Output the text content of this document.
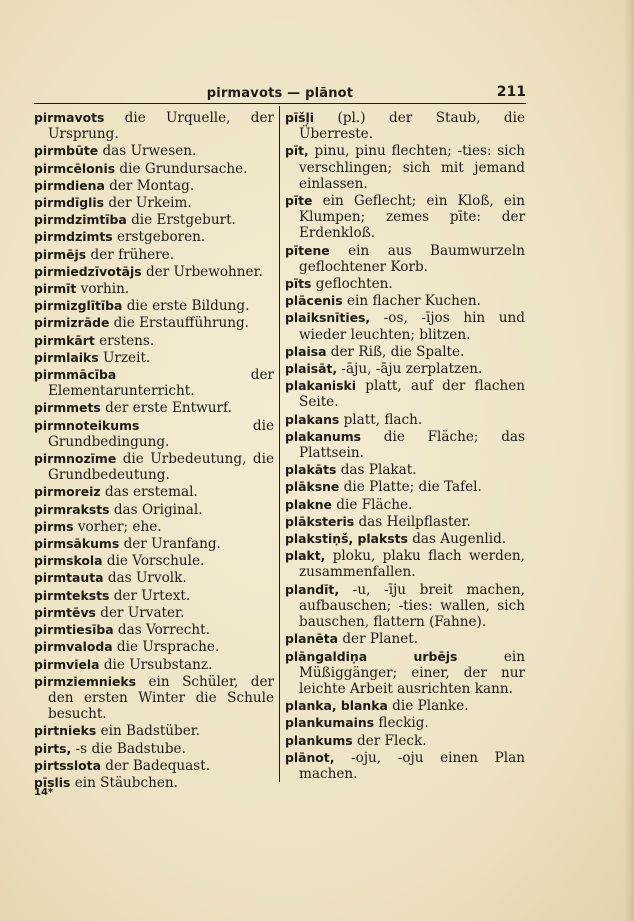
pirmavots — plānot	211

pirmavots die Urquelle, der Ursprung.

pirmbūte das Urwesen.

pirmcēlonis die Grundursache.

pirmdiena der Montag.

pirmdīglis der Urkeim.

pirmdzimtība die Erstgeburt.

pirmdzimts erstgeboren.

pirmējs der frühere.

pirmiedzīvotājs der Urbewohner.

pirmīt vorhin.

pirmizglītība die erste Bildung.

pirmizrāde die Erstaufführung.

pirmkārt erstens.

pirmlaiks Urzeit.

pirmmācība	der Elementarunterricht.

pirmmets der erste Entwurf.

pirmnoteikums	die Grundbedingung.

pirmnozīme die Urbedeutung, die Grundbedeutung.

pirmoreiz das erstemal.

pirmraksts das Original.

pirms vorher; ehe.

pirmsākums der Uranfang.

pirmskola die Vorschule.

pirmtauta das Urvolk.

pirmteksts der Urtext.

pirmtēvs der Urvater.

pirmtiesība das Vorrecht.

pirmvaloda die Ursprache.

pirmviela die Ursubstanz.

pirmziemnieks ein Schüler, der den ersten Winter die Schule besucht.

pirtnieks ein Badstüber.

pirts, -s die Badstube.

pirtsslota der Badequast.

pīslis ein Stäubchen.

pīšļi (pl.) der Staub, die Überreste.

pīt, pinu, pinu flechten; -ties: sich verschlingen; sich mit jemand einlassen.

pīte ein Geflecht; ein Kloß, ein Klumpen; zemes pīte: der Erdenkloß.

pītene ein aus Baumwurzeln geflochtener Korb.

pīts geflochten.

plācenis ein flacher Kuchen.

plaiksnīties, -os, -ījos hin und wieder leuchten; blitzen.

plaisa der Riß, die Spalte.

plaisāt, -āju, -āju zerplatzen.

plakaniski platt, auf der flachen Seite.

plakans platt, flach.

plakanums die Fläche; das Plattsein.

plakāts das Plakat.

plāksne die Platte; die Tafel.

plakne die Fläche.

plāksteris das Heilpflaster.

plakstiņš, plaksts das Augenlid.

plakt, ploku, plaku flach werden, zusammenfallen.

plandīt, -u, -īju breit machen, aufbauschen; -ties: wallen, sich bauschen, flattern (Fahne).

planēta der Planet.

plāngaldiņa urbējs	ein Müßiggänger; einer, der nur leichte Arbeit ausrichten kann.

planka, blanka die Planke.

plankumains fleckig.

plankums der Fleck.

plānot, -oju, -oju einen Plan machen.

14*
